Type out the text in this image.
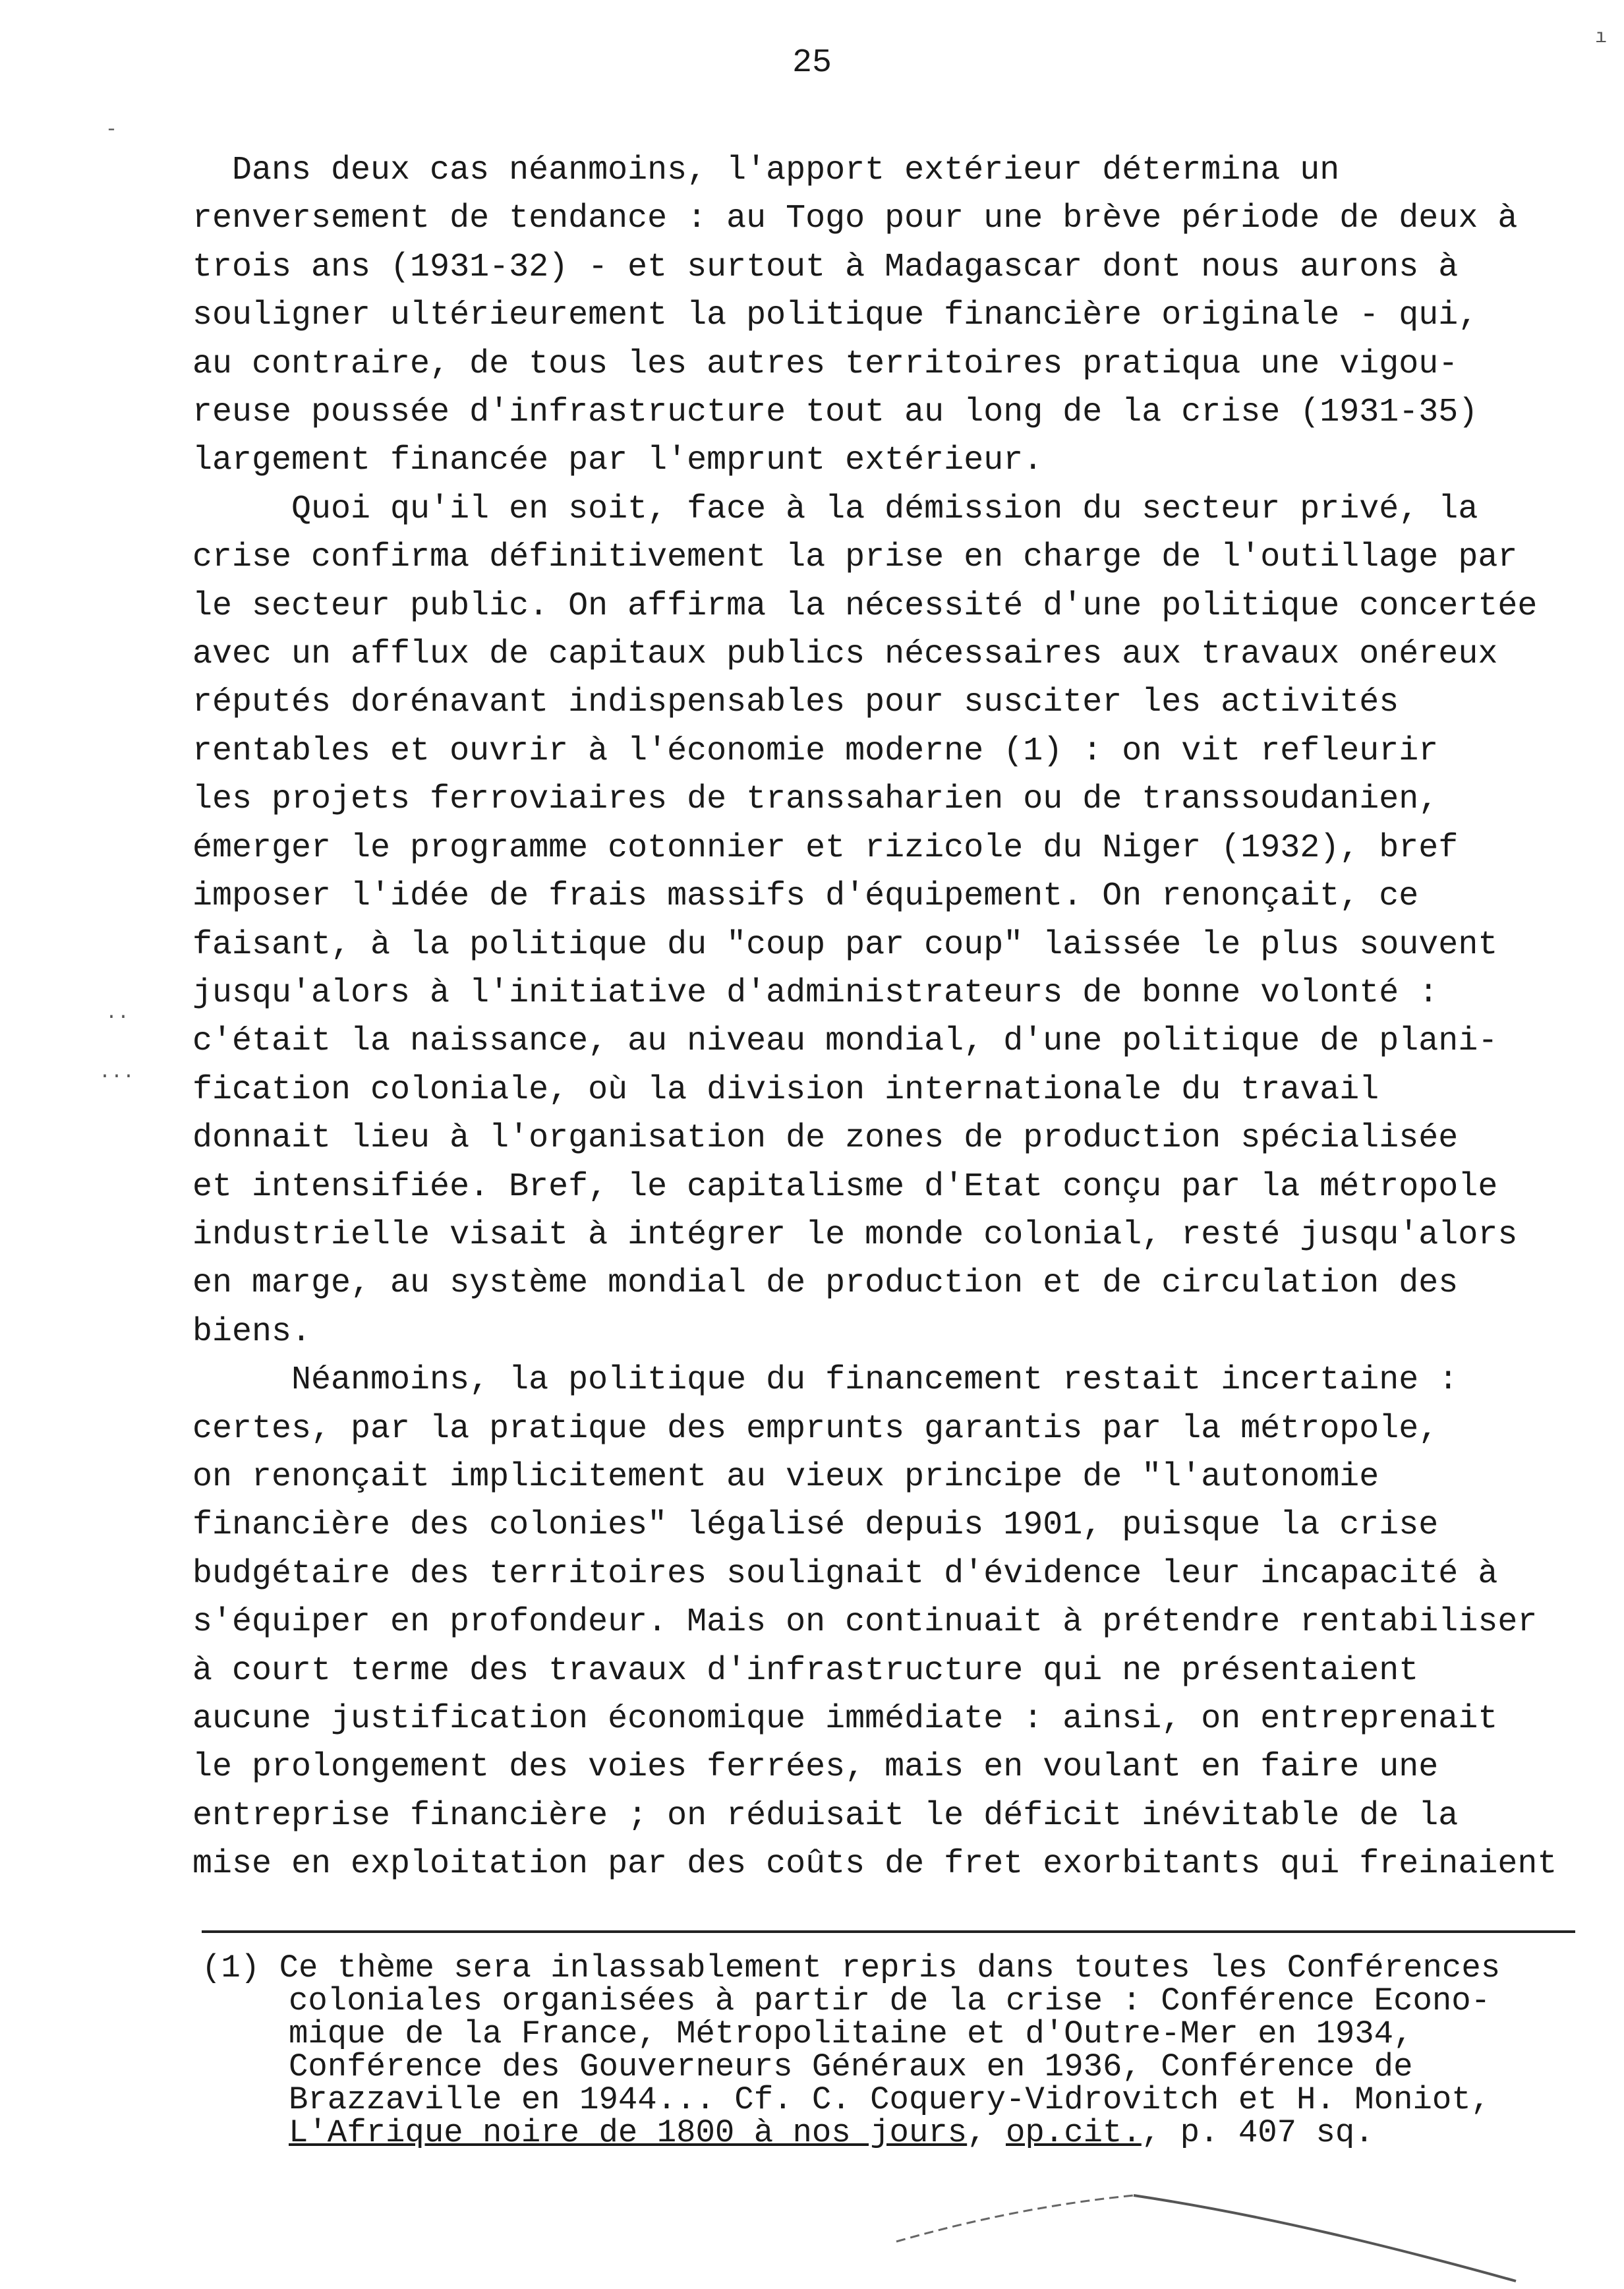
25
Dans deux cas néanmoins, l'apport extérieur détermina un
renversement de tendance : au Togo pour une brève période de deux à
trois ans (1931-32) - et surtout à Madagascar dont nous aurons à
souligner ultérieurement la politique financière originale - qui,
au contraire, de tous les autres territoires pratiqua une vigou-
reuse poussée d'infrastructure tout au long de la crise (1931-35)
largement financée par l'emprunt extérieur.
Quoi qu'il en soit, face à la démission du secteur privé, la
crise confirma définitivement la prise en charge de l'outillage par
le secteur public. On affirma la nécessité d'une politique concertée
avec un afflux de capitaux publics nécessaires aux travaux onéreux
réputés dorénavant indispensables pour susciter les activités
rentables et ouvrir à l'économie moderne (1) : on vit refleurir
les projets ferroviaires de transsaharien ou de transsoudanien,
émerger le programme cotonnier et rizicole du Niger (1932), bref
imposer l'idée de frais massifs d'équipement. On renonçait, ce
faisant, à la politique du "coup par coup" laissée le plus souvent
jusqu'alors à l'initiative d'administrateurs de bonne volonté :
c'était la naissance, au niveau mondial, d'une politique de plani-
fication coloniale, où la division internationale du travail
donnait lieu à l'organisation de zones de production spécialisée
et intensifiée. Bref, le capitalisme d'Etat conçu par la métropole
industrielle visait à intégrer le monde colonial, resté jusqu'alors
en marge, au système mondial de production et de circulation des
biens.
Néanmoins, la politique du financement restait incertaine :
certes, par la pratique des emprunts garantis par la métropole,
on renonçait implicitement au vieux principe de "l'autonomie
financière des colonies" légalisé depuis 1901, puisque la crise
budgétaire des territoires soulignait d'évidence leur incapacité à
s'équiper en profondeur. Mais on continuait à prétendre rentabiliser
à court terme des travaux d'infrastructure qui ne présentaient
aucune justification économique immédiate : ainsi, on entreprenait
le prolongement des voies ferrées, mais en voulant en faire une
entreprise financière ; on réduisait le déficit inévitable de la
mise en exploitation par des coûts de fret exorbitants qui freinaient
(1) Ce thème sera inlassablement repris dans toutes les Conférences
coloniales organisées à partir de la crise : Conférence Econo-
mique de la France, Métropolitaine et d'Outre-Mer en 1934,
Conférence des Gouverneurs Généraux en 1936, Conférence de
Brazzaville en 1944... Cf. C. Coquery-Vidrovitch et H. Moniot,
L'Afrique noire de 1800 à nos jours, op.cit., p. 407 sq.
-
..
...
ı
